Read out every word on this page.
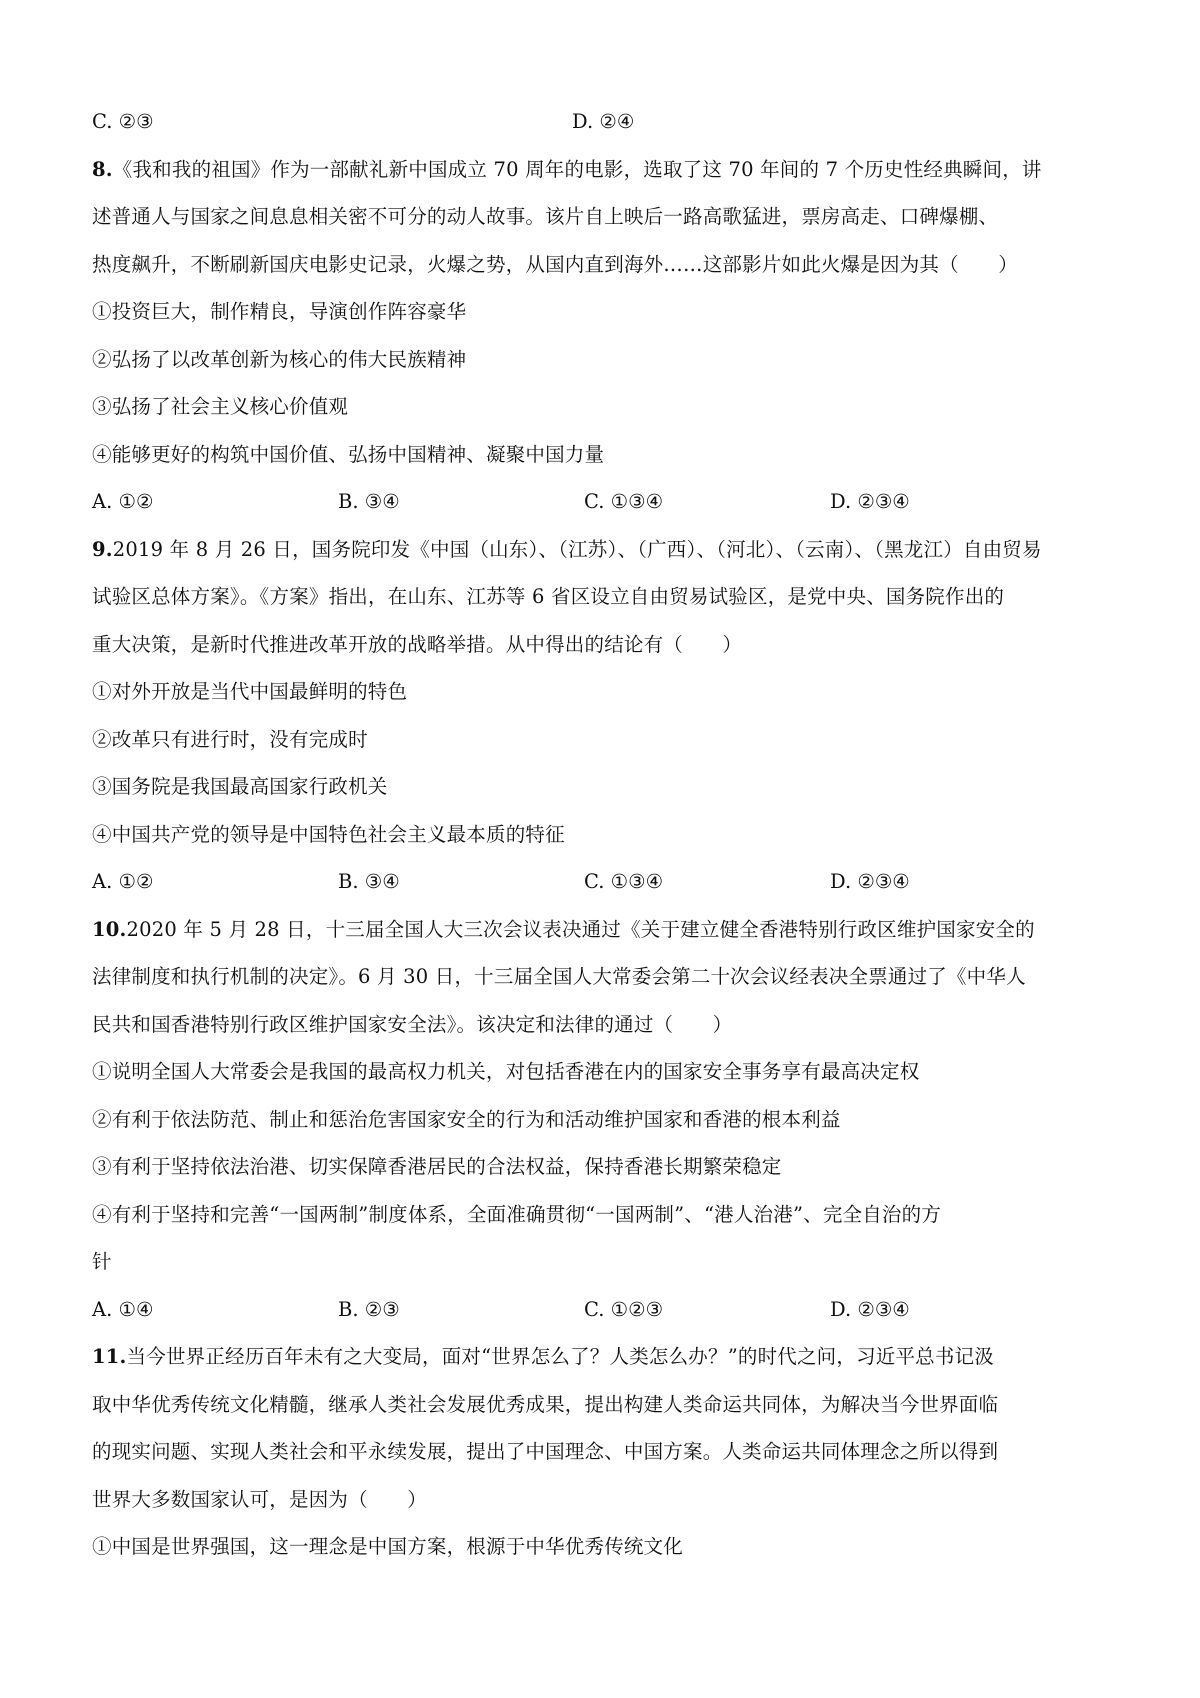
C. ②③	D. ②④
8.《我和我的祖国》作为一部献礼新中国成立 70 周年的电影，选取了这 70 年间的 7 个历史性经典瞬间，讲
述普通人与国家之间息息相关密不可分的动人故事。该片自上映后一路高歌猛进，票房高走、口碑爆棚、
热度飙升，不断刷新国庆电影史记录，火爆之势，从国内直到海外……这部影片如此火爆是因为其（　　）
①投资巨大，制作精良，导演创作阵容豪华
②弘扬了以改革创新为核心的伟大民族精神
③弘扬了社会主义核心价值观
④能够更好的构筑中国价值、弘扬中国精神、凝聚中国力量
A. ①②	B. ③④	C. ①③④	D. ②③④
9.2019 年 8 月 26 日，国务院印发《中国（山东）、（江苏）、（广西）、（河北）、（云南）、（黑龙江）自由贸易
试验区总体方案》。《方案》指出，在山东、江苏等 6 省区设立自由贸易试验区，是党中央、国务院作出的
重大决策，是新时代推进改革开放的战略举措。从中得出的结论有（　　）
①对外开放是当代中国最鲜明的特色
②改革只有进行时，没有完成时
③国务院是我国最高国家行政机关
④中国共产党的领导是中国特色社会主义最本质的特征
A. ①②	B. ③④	C. ①③④	D. ②③④
10.2020 年 5 月 28 日，十三届全国人大三次会议表决通过《关于建立健全香港特别行政区维护国家安全的
法律制度和执行机制的决定》。6 月 30 日，十三届全国人大常委会第二十次会议经表决全票通过了《中华人
民共和国香港特别行政区维护国家安全法》。该决定和法律的通过（　　）
①说明全国人大常委会是我国的最高权力机关，对包括香港在内的国家安全事务享有最高决定权
②有利于依法防范、制止和惩治危害国家安全的行为和活动维护国家和香港的根本利益
③有利于坚持依法治港、切实保障香港居民的合法权益，保持香港长期繁荣稳定
④有利于坚持和完善“一国两制”制度体系，全面准确贯彻“一国两制”、“港人治港”、完全自治的方
针
A. ①④	B. ②③	C. ①②③	D. ②③④
11.当今世界正经历百年未有之大变局，面对“世界怎么了？人类怎么办？”的时代之问，习近平总书记汲
取中华优秀传统文化精髓，继承人类社会发展优秀成果，提出构建人类命运共同体，为解决当今世界面临
的现实问题、实现人类社会和平永续发展，提出了中国理念、中国方案。人类命运共同体理念之所以得到
世界大多数国家认可，是因为（　　）
①中国是世界强国，这一理念是中国方案，根源于中华优秀传统文化
